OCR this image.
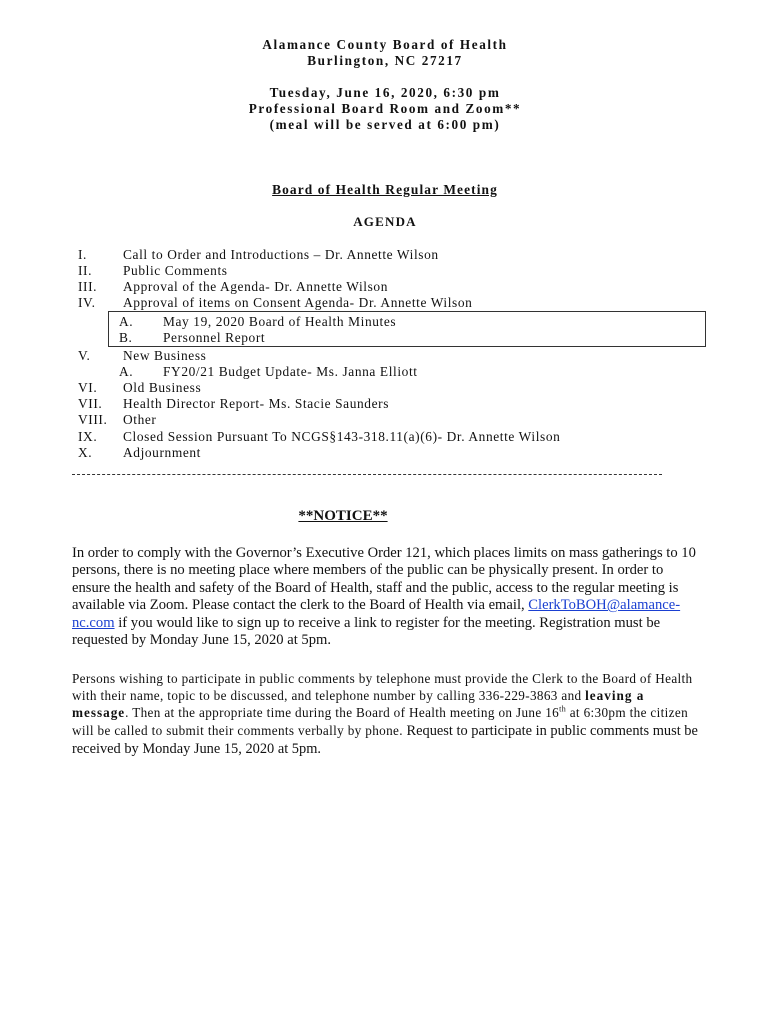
Alamance County Board of Health
Burlington, NC 27217
Tuesday, June 16, 2020, 6:30 pm
Professional Board Room and Zoom**
(meal will be served at 6:00 pm)
Board of Health Regular Meeting
AGENDA
I.	Call to Order and Introductions – Dr. Annette Wilson
II. Public Comments
III. Approval of the Agenda- Dr. Annette Wilson
IV. Approval of items on Consent Agenda- Dr. Annette Wilson
A. May 19, 2020 Board of Health Minutes
B. Personnel Report
V. New Business
A. FY20/21 Budget Update- Ms. Janna Elliott
VI. Old Business
VII. Health Director Report- Ms. Stacie Saunders
VIII. Other
IX. Closed Session Pursuant To NCGS§143-318.11(a)(6)- Dr. Annette Wilson
X. Adjournment
**NOTICE**
In order to comply with the Governor’s Executive Order 121, which places limits on mass gatherings to 10 persons, there is no meeting place where members of the public can be physically present. In order to ensure the health and safety of the Board of Health, staff and the public, access to the regular meeting is available via Zoom. Please contact the clerk to the Board of Health via email, ClerkToBOH@alamance-nc.com if you would like to sign up to receive a link to register for the meeting. Registration must be requested by Monday June 15, 2020 at 5pm.
Persons wishing to participate in public comments by telephone must provide the Clerk to the Board of Health with their name, topic to be discussed, and telephone number by calling 336-229-3863 and leaving a message. Then at the appropriate time during the Board of Health meeting on June 16th at 6:30pm the citizen will be called to submit their comments verbally by phone. Request to participate in public comments must be received by Monday June 15, 2020 at 5pm.
